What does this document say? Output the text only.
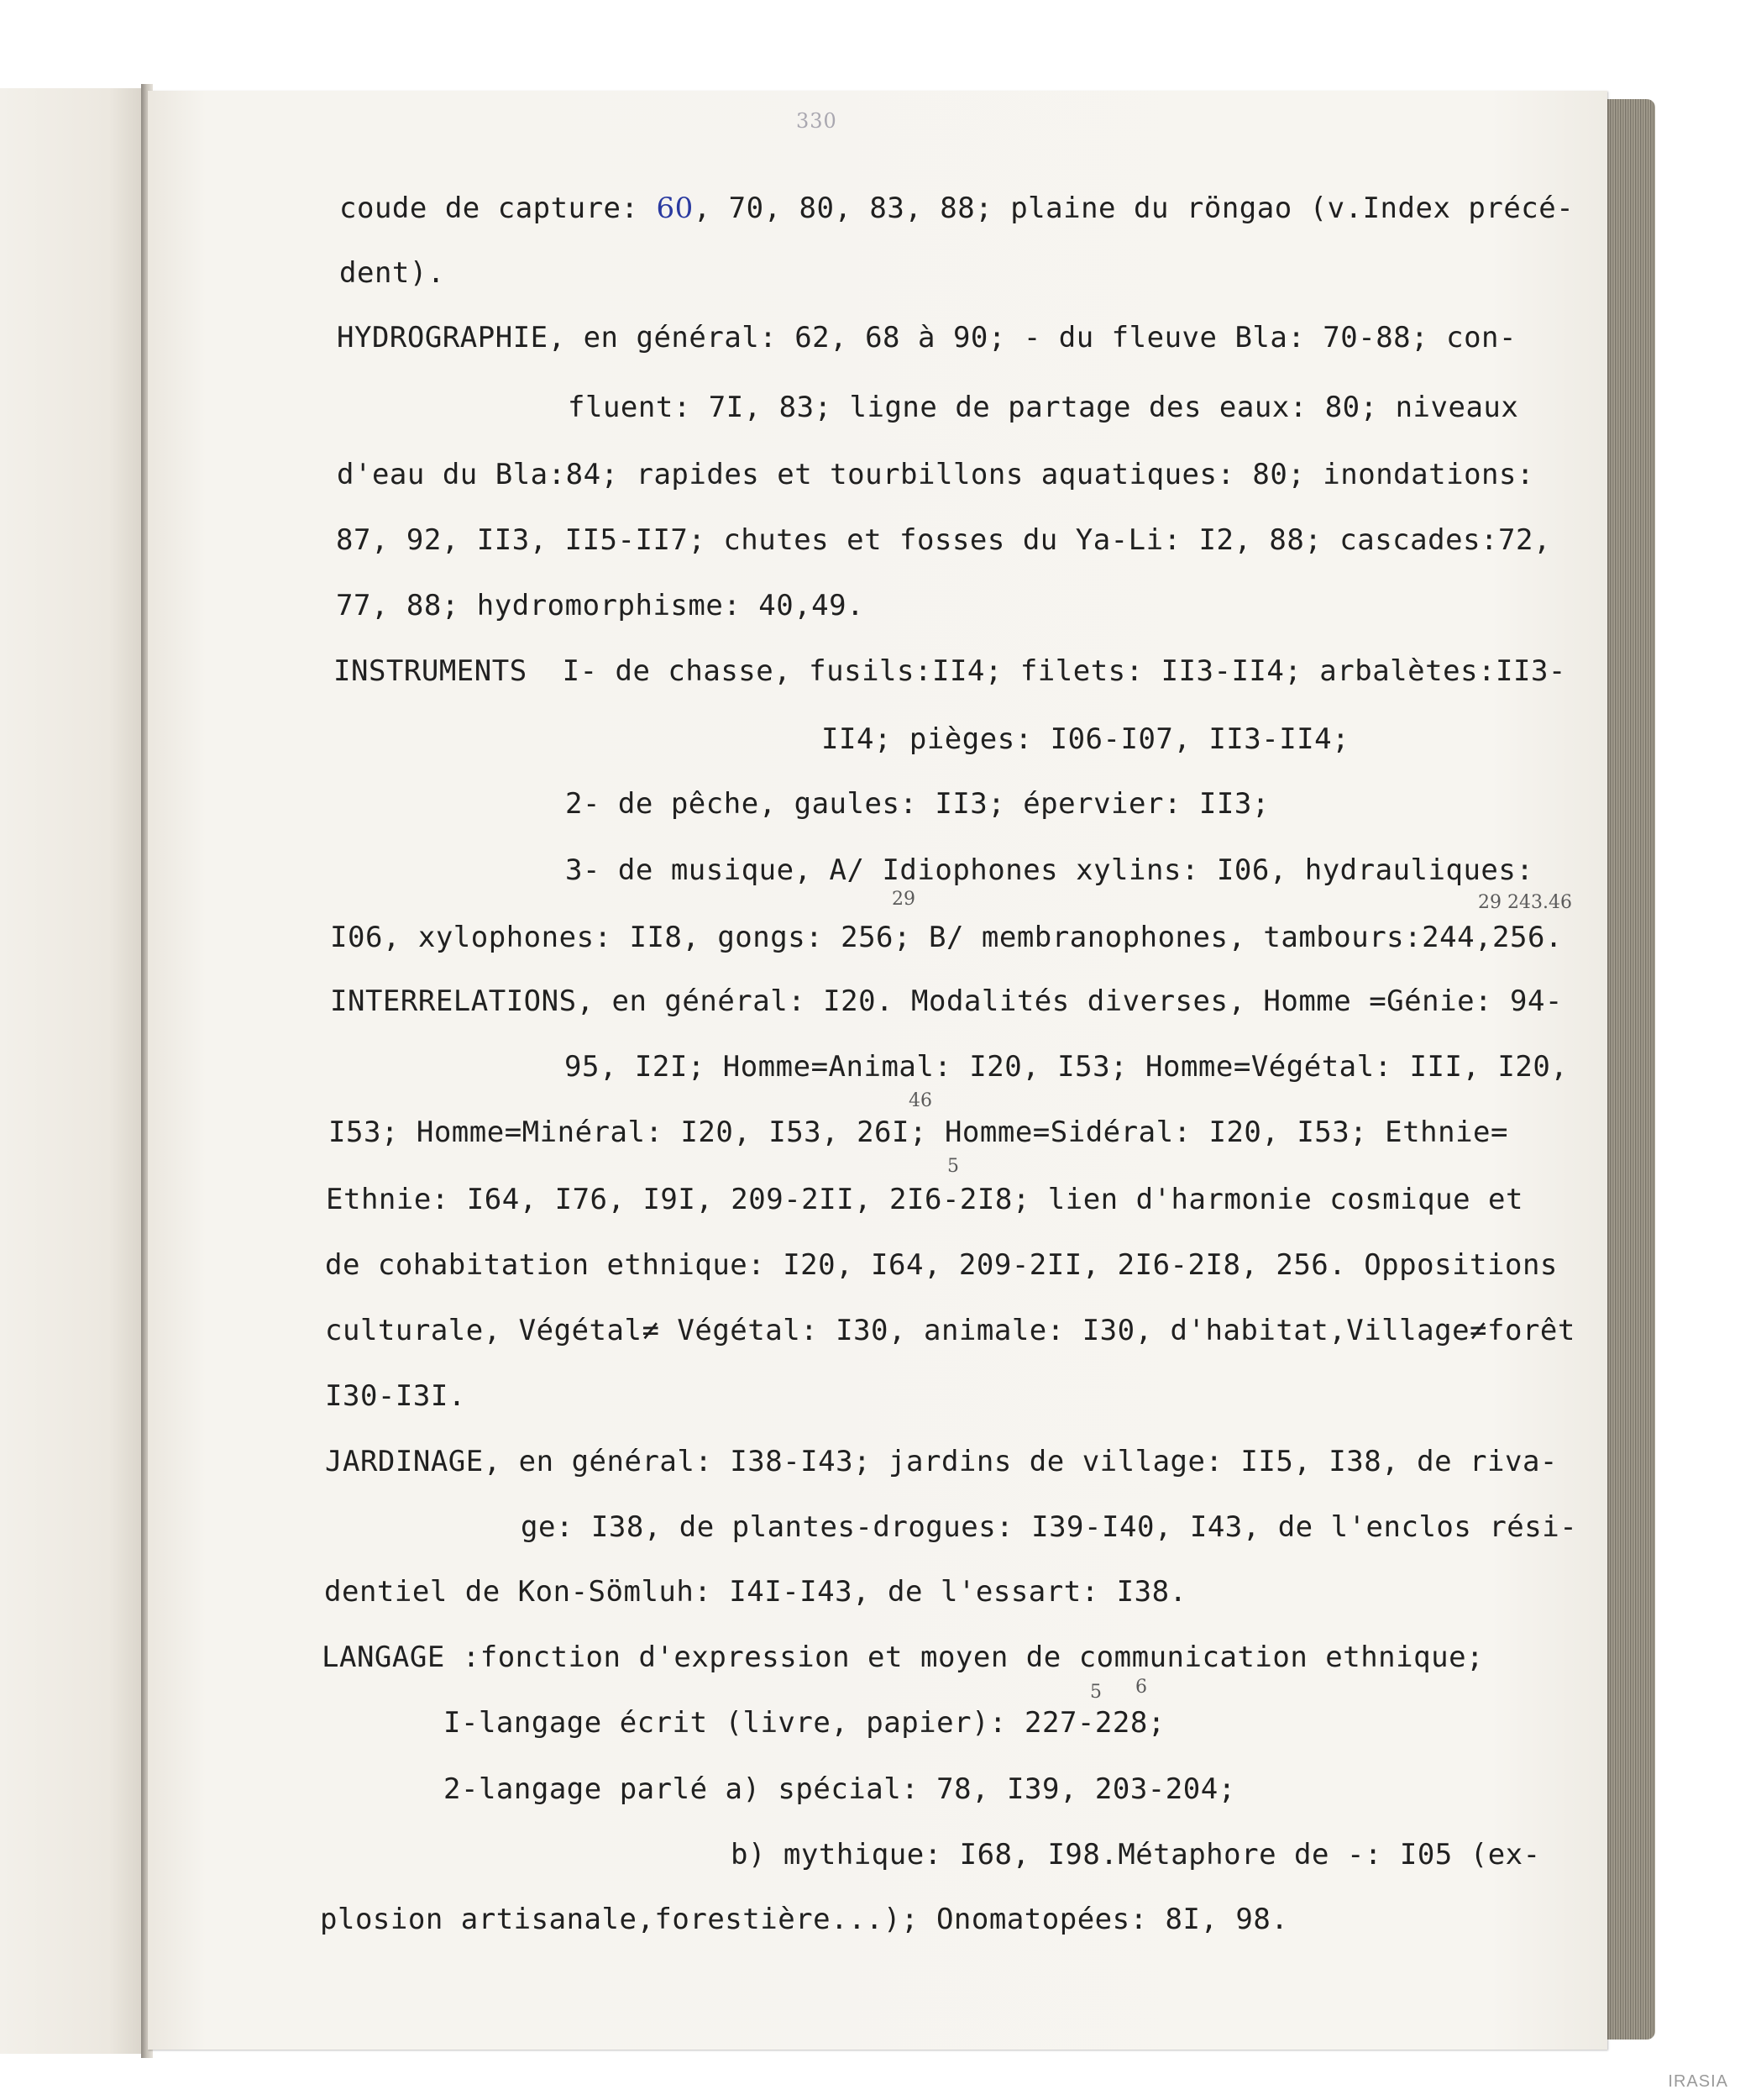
330
coude de capture: 60, 70, 80, 83, 88; plaine du röngao (v.Index précé-
dent).
HYDROGRAPHIE, en général: 62, 68 à 90; - du fleuve Bla: 70-88; con-
fluent: 7I, 83; ligne de partage des eaux: 80; niveaux
d'eau du Bla:84; rapides et tourbillons aquatiques: 80; inondations:
87, 92, II3, II5-II7; chutes et fosses du Ya-Li: I2, 88; cascades:72,
77, 88; hydromorphisme: 40,49.
INSTRUMENTS  I- de chasse, fusils:II4; filets: II3-II4; arbalètes:II3-
II4; pièges: I06-I07, II3-II4;
2- de pêche, gaules: II3; épervier: II3;
3- de musique, A/ Idiophones xylins: I06, hydrauliques:
I06, xylophones: II8, gongs: 256; B/ membranophones, tambours:244,256.
INTERRELATIONS, en général: I20. Modalités diverses, Homme =Génie: 94-
95, I2I; Homme=Animal: I20, I53; Homme=Végétal: III, I20,
I53; Homme=Minéral: I20, I53, 26I; Homme=Sidéral: I20, I53; Ethnie=
Ethnie: I64, I76, I9I, 209-2II, 2I6-2I8; lien d'harmonie cosmique et
de cohabitation ethnique: I20, I64, 209-2II, 2I6-2I8, 256. Oppositions
culturale, Végétal≠ Végétal: I30, animale: I30, d'habitat,Village≠forêt
I30-I3I.
JARDINAGE, en général: I38-I43; jardins de village: II5, I38, de riva-
ge: I38, de plantes-drogues: I39-I40, I43, de l'enclos rési-
dentiel de Kon-Sömluh: I4I-I43, de l'essart: I38.
LANGAGE :fonction d'expression et moyen de communication ethnique;
I-langage écrit (livre, papier): 227-228;
2-langage parlé a) spécial: 78, I39, 203-204;
b) mythique: I68, I98.Métaphore de -: I05 (ex-
plosion artisanale,forestière...); Onomatopées: 8I, 98.
29	29 243.46
46
5
5 6
IRASIA
